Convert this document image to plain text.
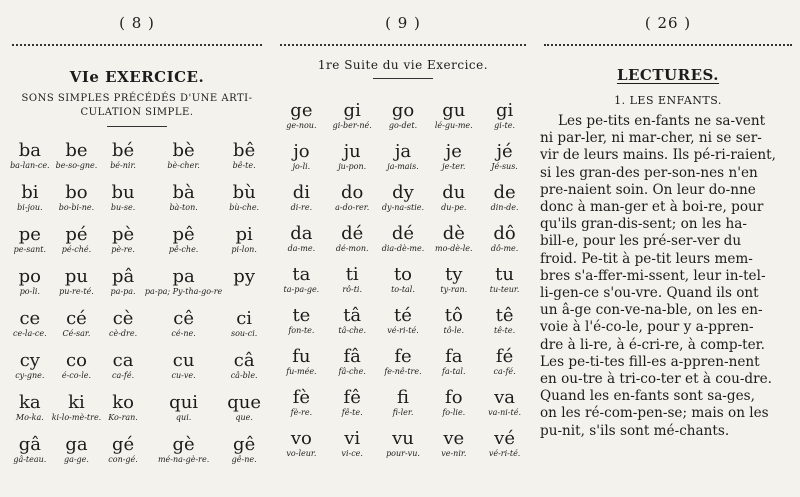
( 8 )
VIe EXERCICE.
SONS SIMPLES PRÉCÉDÉS D'UNE ARTI-
CULATION SIMPLE.
ba
ba-lan-ce.
be
be-so-gne.
bé
bé-nir.
bè
bè-cher.
bê
bê-te.
bi
bi-jou.
bo
bo-bi-ne.
bu
bu-se.
bà
bà-ton.
bù
bù-che.
pe
pe-sant.
pé
pé-ché.
pè
pè-re.
pê
pê-che.
pi
pi-lon.
po
po-li.
pu
pu-re-té.
pâ
pa-pa.
pa
pa-pa; Py-tha-go-re
py

ce
ce-la-ce.
cé
Cé-sar.
cè
cè-dre.
cê
cé-ne.
ci
sou-ci.
cy
cy-gne.
co
é-co-le.
ca
ca-fé.
cu
cu-ve.
câ
câ-ble.
ka
Mo-ka.
ki
ki-lo-mè-tre.
ko
Ko-ran.
qui
qui.
que
que.
gâ
gâ-teau.
ga
ga-ge.
gé
con-gé.
gè
mé-na-gè-re.
gê
gê-ne.
( 9 )
1re Suite du vie Exercice.
ge
ge-nou.
gi
gi-ber-né.
go
go-det.
gu
lé-gu-me.
gi
gi-te.
jo
jo-li.
ju
ju-pon.
ja
ja-mais.
je
je-ter.
jé
Jé-sus.
di
di-re.
do
a-do-rer.
dy
dy-na-stie.
du
du-pe.
de
din-de.
da
da-me.
dé
dé-mon.
dé
dia-dè-me.
dè
mo-dè-le.
dô
dô-me.
ta
ta-pa-ge.
ti
rô-ti.
to
to-tal.
ty
ty-ran.
tu
tu-teur.
te
fon-te.
tâ
tâ-che.
té
vé-ri-té.
tô
tô-le.
tê
tê-te.
fu
fu-mée.
fâ
fâ-che.
fe
fe-nê-tre.
fa
fa-tal.
fé
ca-fé.
fè
fè-re.
fê
fê-te.
fi
fi-ler.
fo
fo-lie.
va
va-ni-té.
vo
vo-leur.
vi
vi-ce.
vu
pour-vu.
ve
ve-nir.
vé
vé-ri-té.
( 26 )
LECTURES.
1. LES ENFANTS.
Les pe-tits en-fants ne sa-vent
ni par-ler, ni mar-cher, ni se ser-
vir de leurs mains. Ils pé-ri-raient,
si les gran-des per-son-nes n'en
pre-naient soin. On leur do-nne
donc à man-ger et à boi-re, pour
qu'ils gran-dis-sent; on les ha-
bill-e, pour les pré-ser-ver du
froid. Pe-tit à pe-tit leurs mem-
bres s'a-ffer-mi-ssent, leur in-tel-
li-gen-ce s'ou-vre. Quand ils ont
un â-ge con-ve-na-ble, on les en-
voie à l'é-co-le, pour y a-ppren-
dre à li-re, à é-cri-re, à comp-ter.
Les pe-ti-tes fill-es a-ppren-nent
en ou-tre à tri-co-ter et à cou-dre.
Quand les en-fants sont sa-ges,
on les ré-com-pen-se; mais on les
pu-nit, s'ils sont mé-chants.
